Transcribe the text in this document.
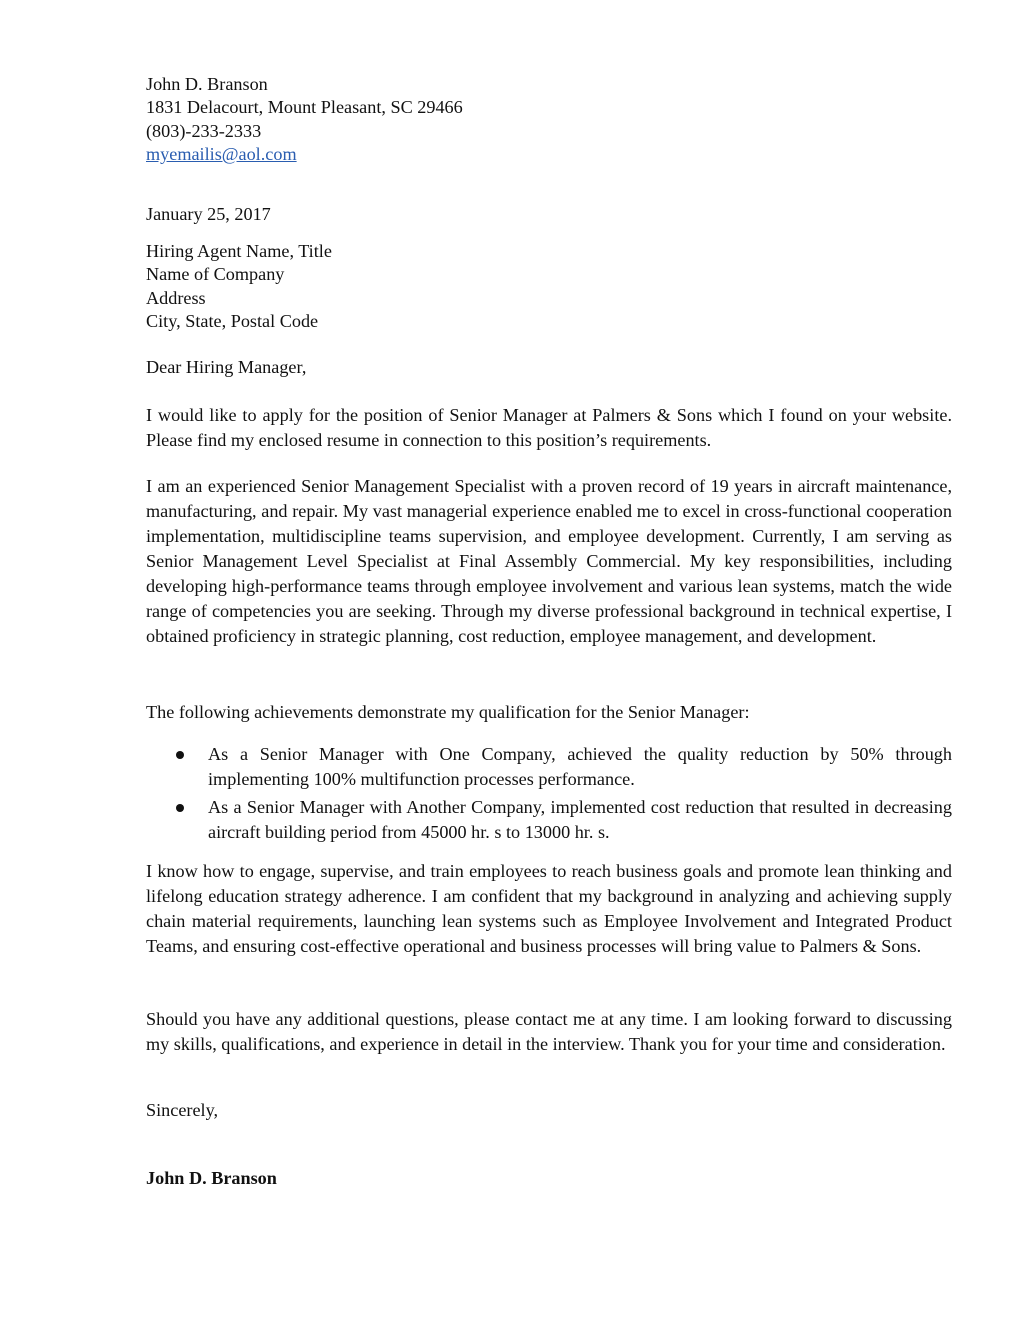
John D. Branson

1831 Delacourt, Mount Pleasant, SC 29466

(803)-233-2333

myemailis@aol.com

January 25, 2017

Hiring Agent Name, Title

Name of Company

Address

City, State, Postal Code

Dear Hiring Manager,

I would like to apply for the position of Senior Manager at Palmers & Sons which I found on your website. Please find my enclosed resume in connection to this position’s requirements.

I am an experienced Senior Management Specialist with a proven record of 19 years in aircraft maintenance, manufacturing, and repair. My vast managerial experience enabled me to excel in cross-functional cooperation implementation, multidiscipline teams supervision, and employee development. Currently, I am serving as Senior Management Level Specialist at Final Assembly Commercial. My key responsibilities, including developing high-performance teams through employee involvement and various lean systems, match the wide range of competencies you are seeking. Through my diverse professional background in technical expertise, I obtained proficiency in strategic planning, cost reduction, employee management, and development.

The following achievements demonstrate my qualification for the Senior Manager:

As a Senior Manager with One Company, achieved the quality reduction by 50% through implementing 100% multifunction processes performance.

As a Senior Manager with Another Company, implemented cost reduction that resulted in decreasing aircraft building period from 45000 hr. s to 13000 hr. s.

I know how to engage, supervise, and train employees to reach business goals and promote lean thinking and lifelong education strategy adherence. I am confident that my background in analyzing and achieving supply chain material requirements, launching lean systems such as Employee Involvement and Integrated Product Teams, and ensuring cost-effective operational and business processes will bring value to Palmers & Sons.

Should you have any additional questions, please contact me at any time. I am looking forward to discussing my skills, qualifications, and experience in detail in the interview. Thank you for your time and consideration.

Sincerely,

John D. Branson
